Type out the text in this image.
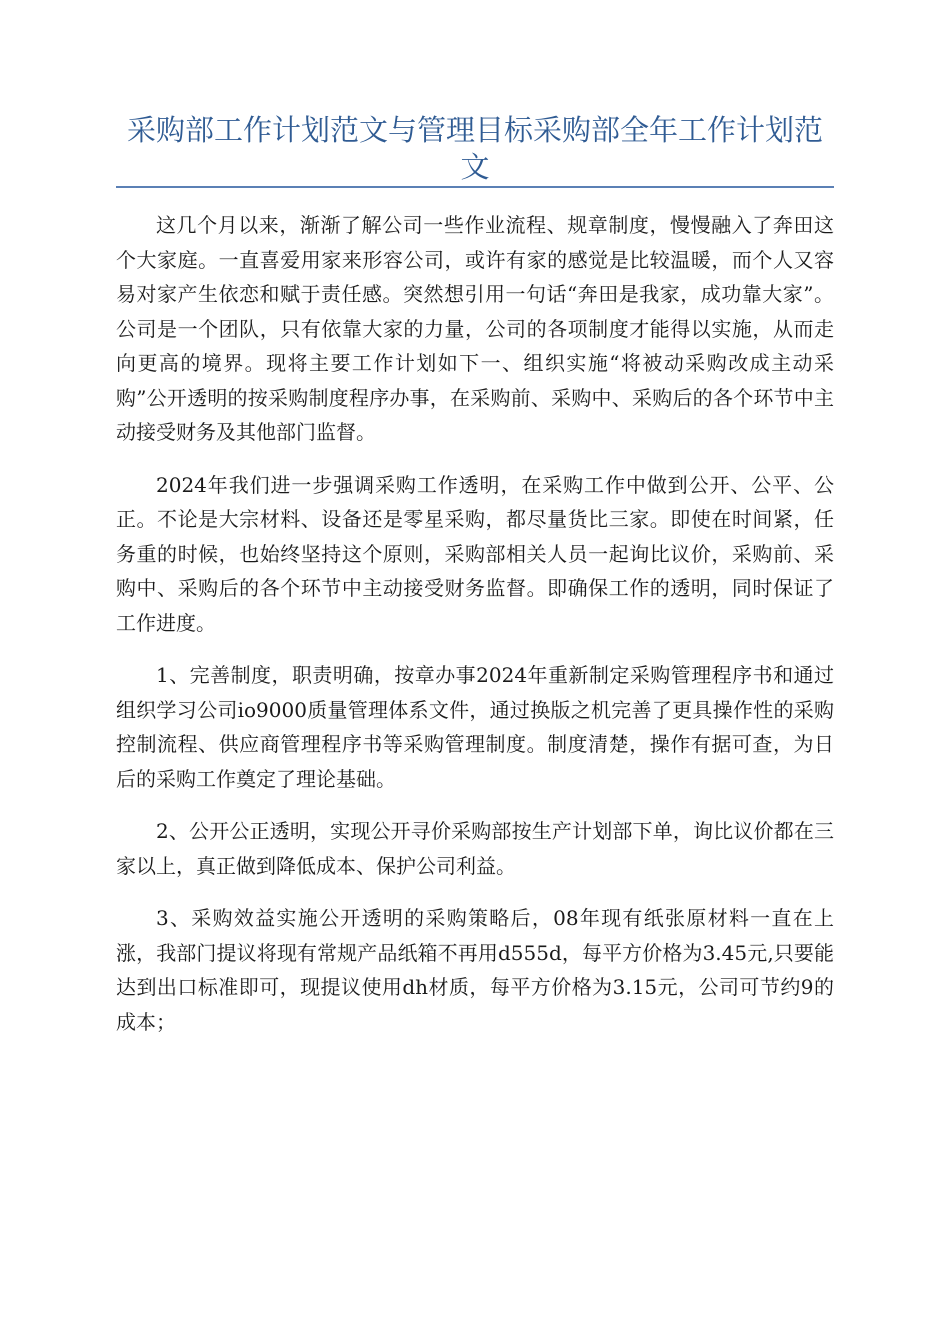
采购部工作计划范文与管理目标采购部全年工作计划范文

这几个月以来，渐渐了解公司一些作业流程、规章制度，慢慢融入了奔田这个大家庭。一直喜爱用家来形容公司，或许有家的感觉是比较温暖，而个人又容易对家产生依恋和赋于责任感。突然想引用一句话“奔田是我家，成功靠大家”。公司是一个团队，只有依靠大家的力量，公司的各项制度才能得以实施，从而走向更高的境界。现将主要工作计划如下一、组织实施“将被动采购改成主动采购”公开透明的按采购制度程序办事，在采购前、采购中、采购后的各个环节中主动接受财务及其他部门监督。

2024年我们进一步强调采购工作透明，在采购工作中做到公开、公平、公正。不论是大宗材料、设备还是零星采购，都尽量货比三家。即使在时间紧，任务重的时候，也始终坚持这个原则，采购部相关人员一起询比议价，采购前、采购中、采购后的各个环节中主动接受财务监督。即确保工作的透明，同时保证了工作进度。

1、完善制度，职责明确，按章办事2024年重新制定采购管理程序书和通过组织学习公司io9000质量管理体系文件，通过换版之机完善了更具操作性的采购控制流程、供应商管理程序书等采购管理制度。制度清楚，操作有据可查，为日后的采购工作奠定了理论基础。

2、公开公正透明，实现公开寻价采购部按生产计划部下单，询比议价都在三家以上，真正做到降低成本、保护公司利益。

3、采购效益实施公开透明的采购策略后，08年现有纸张原材料一直在上涨，我部门提议将现有常规产品纸箱不再用d555d，每平方价格为3.45元,只要能达到出口标准即可，现提议使用dh材质，每平方价格为3.15元，公司可节约9的成本；
